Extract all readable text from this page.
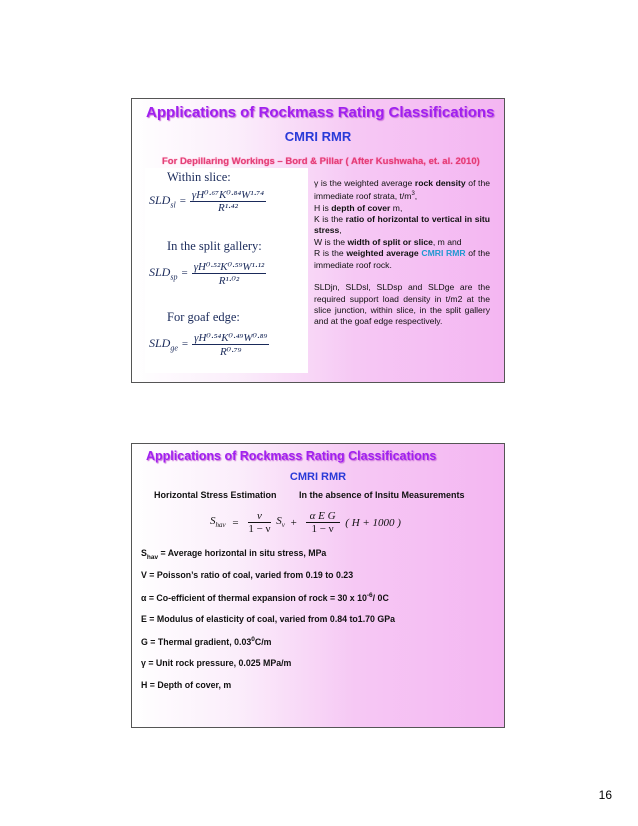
Applications of Rockmass Rating Classifications
CMRI RMR
For Depillaring Workings – Bord & Pillar ( After Kushwaha, et. al. 2010)
Within slice:
$SLD_{sl} = \frac{\text{γH⁰·⁶⁷K⁰·⁸⁴W¹·⁷⁴}}{\text{R¹·⁴²}}$
In the split gallery:
$SLD_{sp} = \frac{\text{γH⁰·⁵²K⁰·⁵⁹W¹·¹²}}{\text{R¹·⁰²}}$
For goaf edge:
$SLD_{ge} = \frac{\text{γH⁰·⁵⁴K⁰·⁴⁹W⁰·⁸⁹}}{\text{R⁰·⁷⁹}}$

γ is the weighted average rock density of the immediate roof strata, $t/m^3$,

H is depth of cover m,

K is the ratio of horizontal to vertical in situ stress,

W is the width of split or slice, m and

R is the weighted average CMRI RMR of the immediate roof rock.

SLDjn, SLDsl, SLDsp and SLDge are the required support load density in t/m2 at the slice junction, within slice, in the split gallery and at the goaf edge respectively.

Applications of Rockmass Rating Classifications
CMRI RMR
Horizontal Stress Estimation In the absence of Insitu Measurements
$S_{hav} = \frac{\nu}{1 - \nu} S_v + \frac{\text{α E G}}{1 - \nu}$ ( H + 1000 )
$S_{hav}$ = Average horizontal in situ stress, MPa
V = Poisson’s ratio of coal, varied from 0.19 to 0.23
α = Co-efficient of thermal expansion of rock = 30 x $10^{-6}/$ 0C
E = Modulus of elasticity of coal, varied from 0.84 to1.70 GPa
G = Thermal gradient, 0.03$^0$C/m
γ = Unit rock pressure, 0.025 MPa/m
H = Depth of cover, m
16
